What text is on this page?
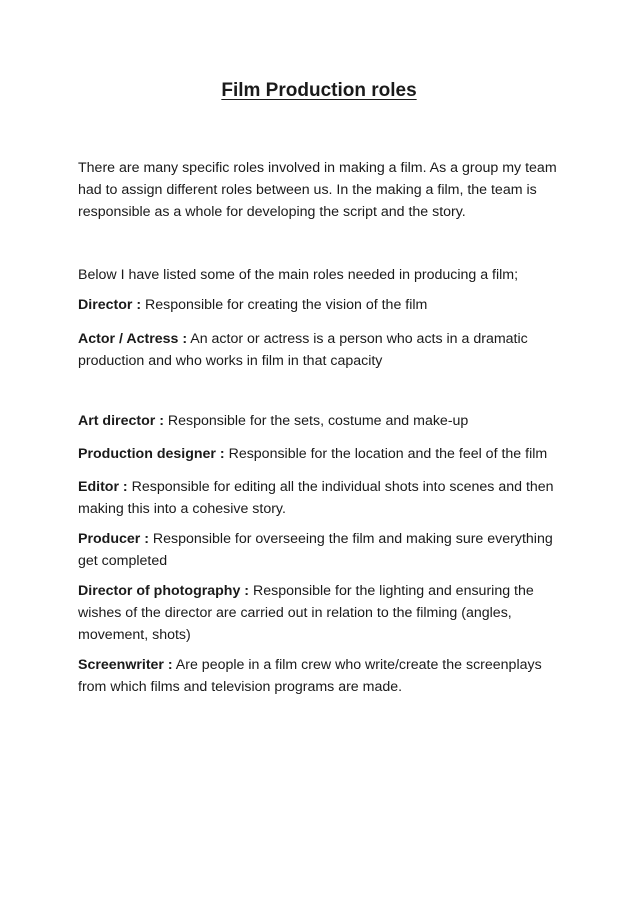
Film Production roles

There are many specific roles involved in making a film. As a group my team had to assign different roles between us. In the making a film, the team is responsible as a whole for developing the script and the story.

Below I have listed some of the main roles needed in producing a film;

Director : Responsible for creating the vision of the film

Actor / Actress : An actor or actress is a person who acts in a dramatic production and who works in film in that capacity

Art director : Responsible for the sets, costume and make-up

Production designer : Responsible for the location and the feel of the film

Editor : Responsible for editing all the individual shots into scenes and then making this into a cohesive story.

Producer : Responsible for overseeing the film and making sure everything get completed

Director of photography : Responsible for the lighting and ensuring the wishes of the director are carried out in relation to the filming (angles, movement, shots)

Screenwriter : Are people in a film crew who write/create the screenplays from which films and television programs are made.
